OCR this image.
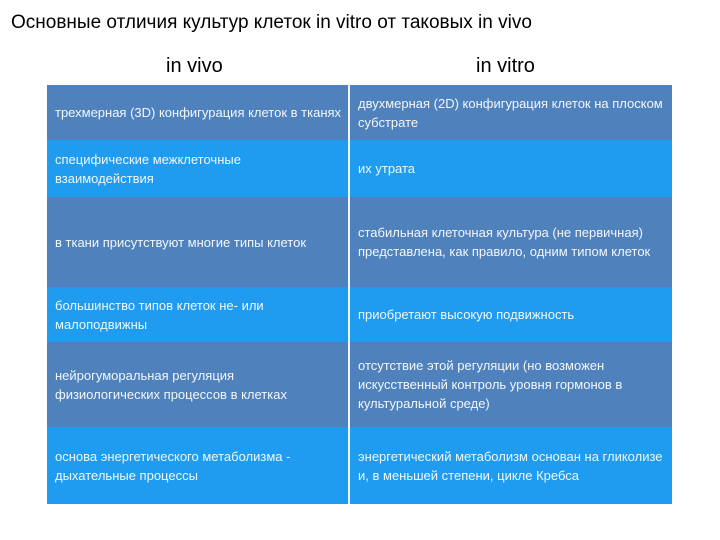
Основные отличия культур клеток in vitro от таковых in vivo
in vivo	in vitro
трехмерная (3D) конфигурация клеток в тканях
двухмерная (2D) конфигурация клеток на плоском субстрате
специфические межклеточные взаимодействия
их утрата
в ткани присутствуют многие типы клеток
стабильная клеточная культура (не первичная) представлена, как правило, одним типом клеток
большинство типов клеток не- или малоподвижны
приобретают высокую подвижность
нейрогуморальная регуляция физиологических процессов в клетках
отсутствие этой регуляции (но возможен искусственный контроль уровня гормонов в культуральной среде)
основа энергетического метаболизма - дыхательные процессы
энергетический метаболизм основан на гликолизе и, в меньшей степени, цикле Кребса
